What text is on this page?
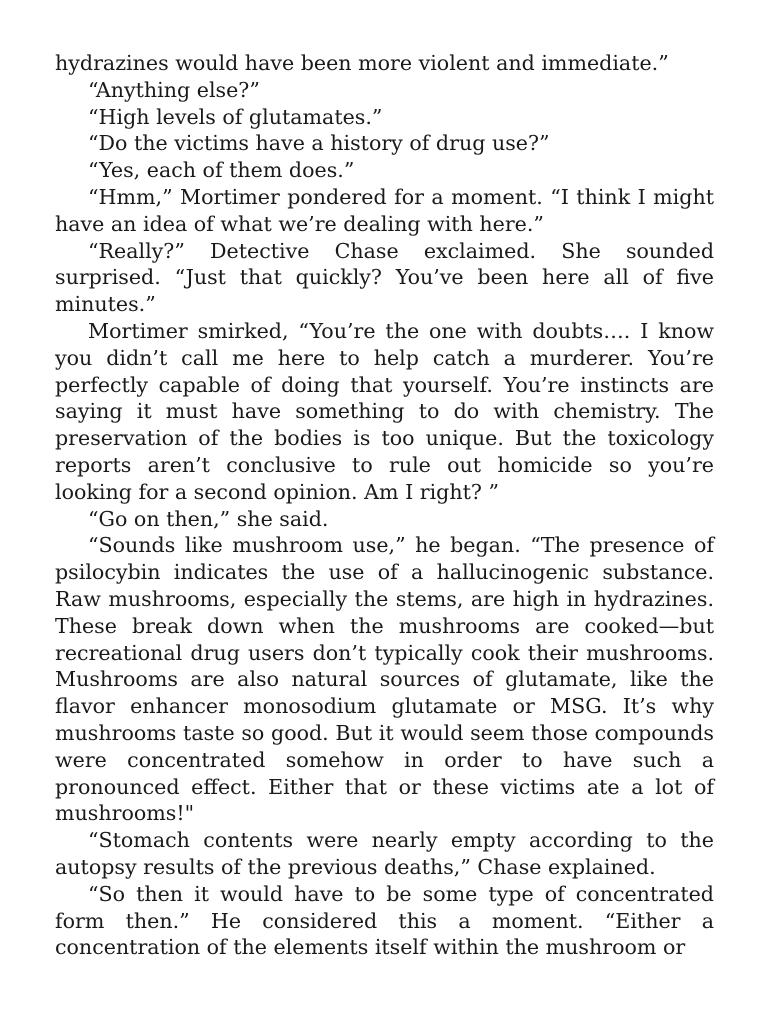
hydrazines would have been more violent and immediate.”

“Anything else?”

“High levels of glutamates.”

“Do the victims have a history of drug use?”

“Yes, each of them does.”

“Hmm,” Mortimer pondered for a moment. “I think I might have an idea of what we’re dealing with here.”

“Really?” Detective Chase exclaimed. She sounded surprised. “Just that quickly? You’ve been here all of five minutes.”

Mortimer smirked, “You’re the one with doubts…. I know you didn’t call me here to help catch a murderer. You’re perfectly capable of doing that yourself. You’re instincts are saying it must have something to do with chemistry. The preservation of the bodies is too unique. But the toxicology reports aren’t conclusive to rule out homicide so you’re looking for a second opinion. Am I right? ”

“Go on then,” she said.

“Sounds like mushroom use,” he began. “The presence of psilocybin indicates the use of a hallucinogenic substance. Raw mushrooms, especially the stems, are high in hydrazines. These break down when the mushrooms are cooked—but recreational drug users don’t typically cook their mushrooms. Mushrooms are also natural sources of glutamate, like the flavor enhancer monosodium glutamate or MSG. It’s why mushrooms taste so good. But it would seem those compounds were concentrated somehow in order to have such a pronounced effect. Either that or these victims ate a lot of mushrooms!"

“Stomach contents were nearly empty according to the autopsy results of the previous deaths,” Chase explained.

“So then it would have to be some type of concentrated form then.” He considered this a moment. “Either a concentration of the elements itself within the mushroom or
